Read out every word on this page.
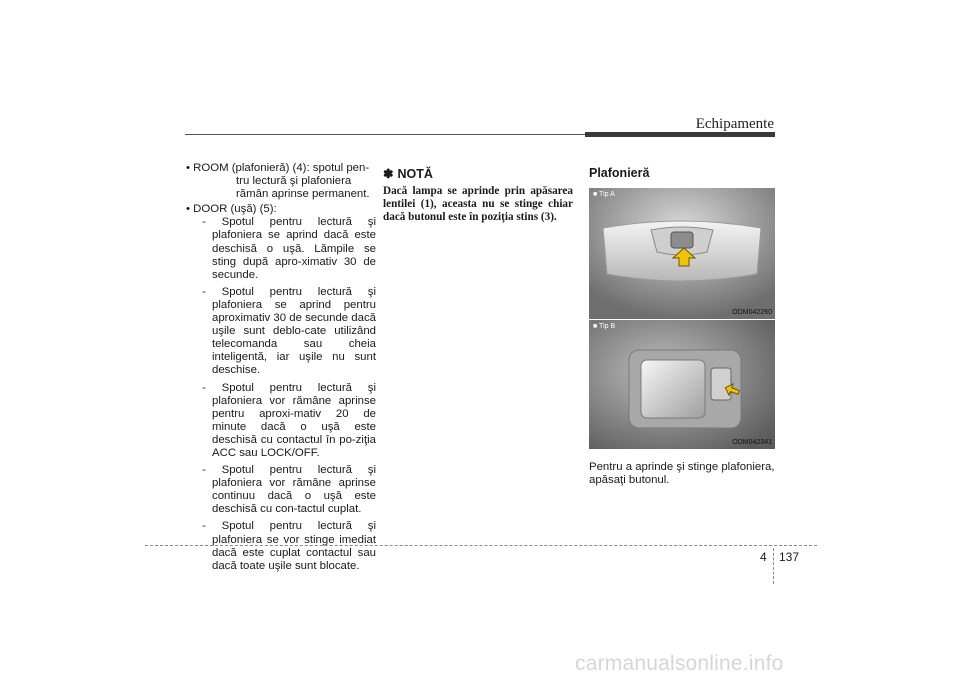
Echipamente

• ROOM (plafonieră) (4): spotul pen-

tru lectură şi plafoniera

rămân aprinse permanent.

• DOOR (uşă) (5):

- Spotul pentru lectură şi plafoniera se aprind dacă este deschisă o uşă. Lămpile se sting după apro-ximativ 30 de secunde.

- Spotul pentru lectură şi plafoniera se aprind pentru aproximativ 30 de secunde dacă uşile sunt deblo-cate utilizând telecomanda sau cheia inteligentă, iar uşile nu sunt deschise.

- Spotul pentru lectură şi plafoniera vor rămâne aprinse pentru aproxi-mativ 20 de minute dacă o uşă este deschisă cu contactul în po-ziţia ACC sau LOCK/OFF.

- Spotul pentru lectură şi plafoniera vor rămâne aprinse continuu dacă o uşă este deschisă cu con-tactul cuplat.

- Spotul pentru lectură şi plafoniera se vor stinge imediat dacă este cuplat contactul sau dacă toate uşile sunt blocate.

✽ NOTĂ

Dacă lampa se aprinde prin apăsarea lentilei (1), aceasta nu se stinge chiar dacă butonul este în poziţia stins (3).

Plafonieră
■ Tip A
ODM042260
■ Tip B
ODM042341

Pentru a aprinde şi stinge plafoniera, apăsaţi butonul.

4 137
carmanualsonline.info
